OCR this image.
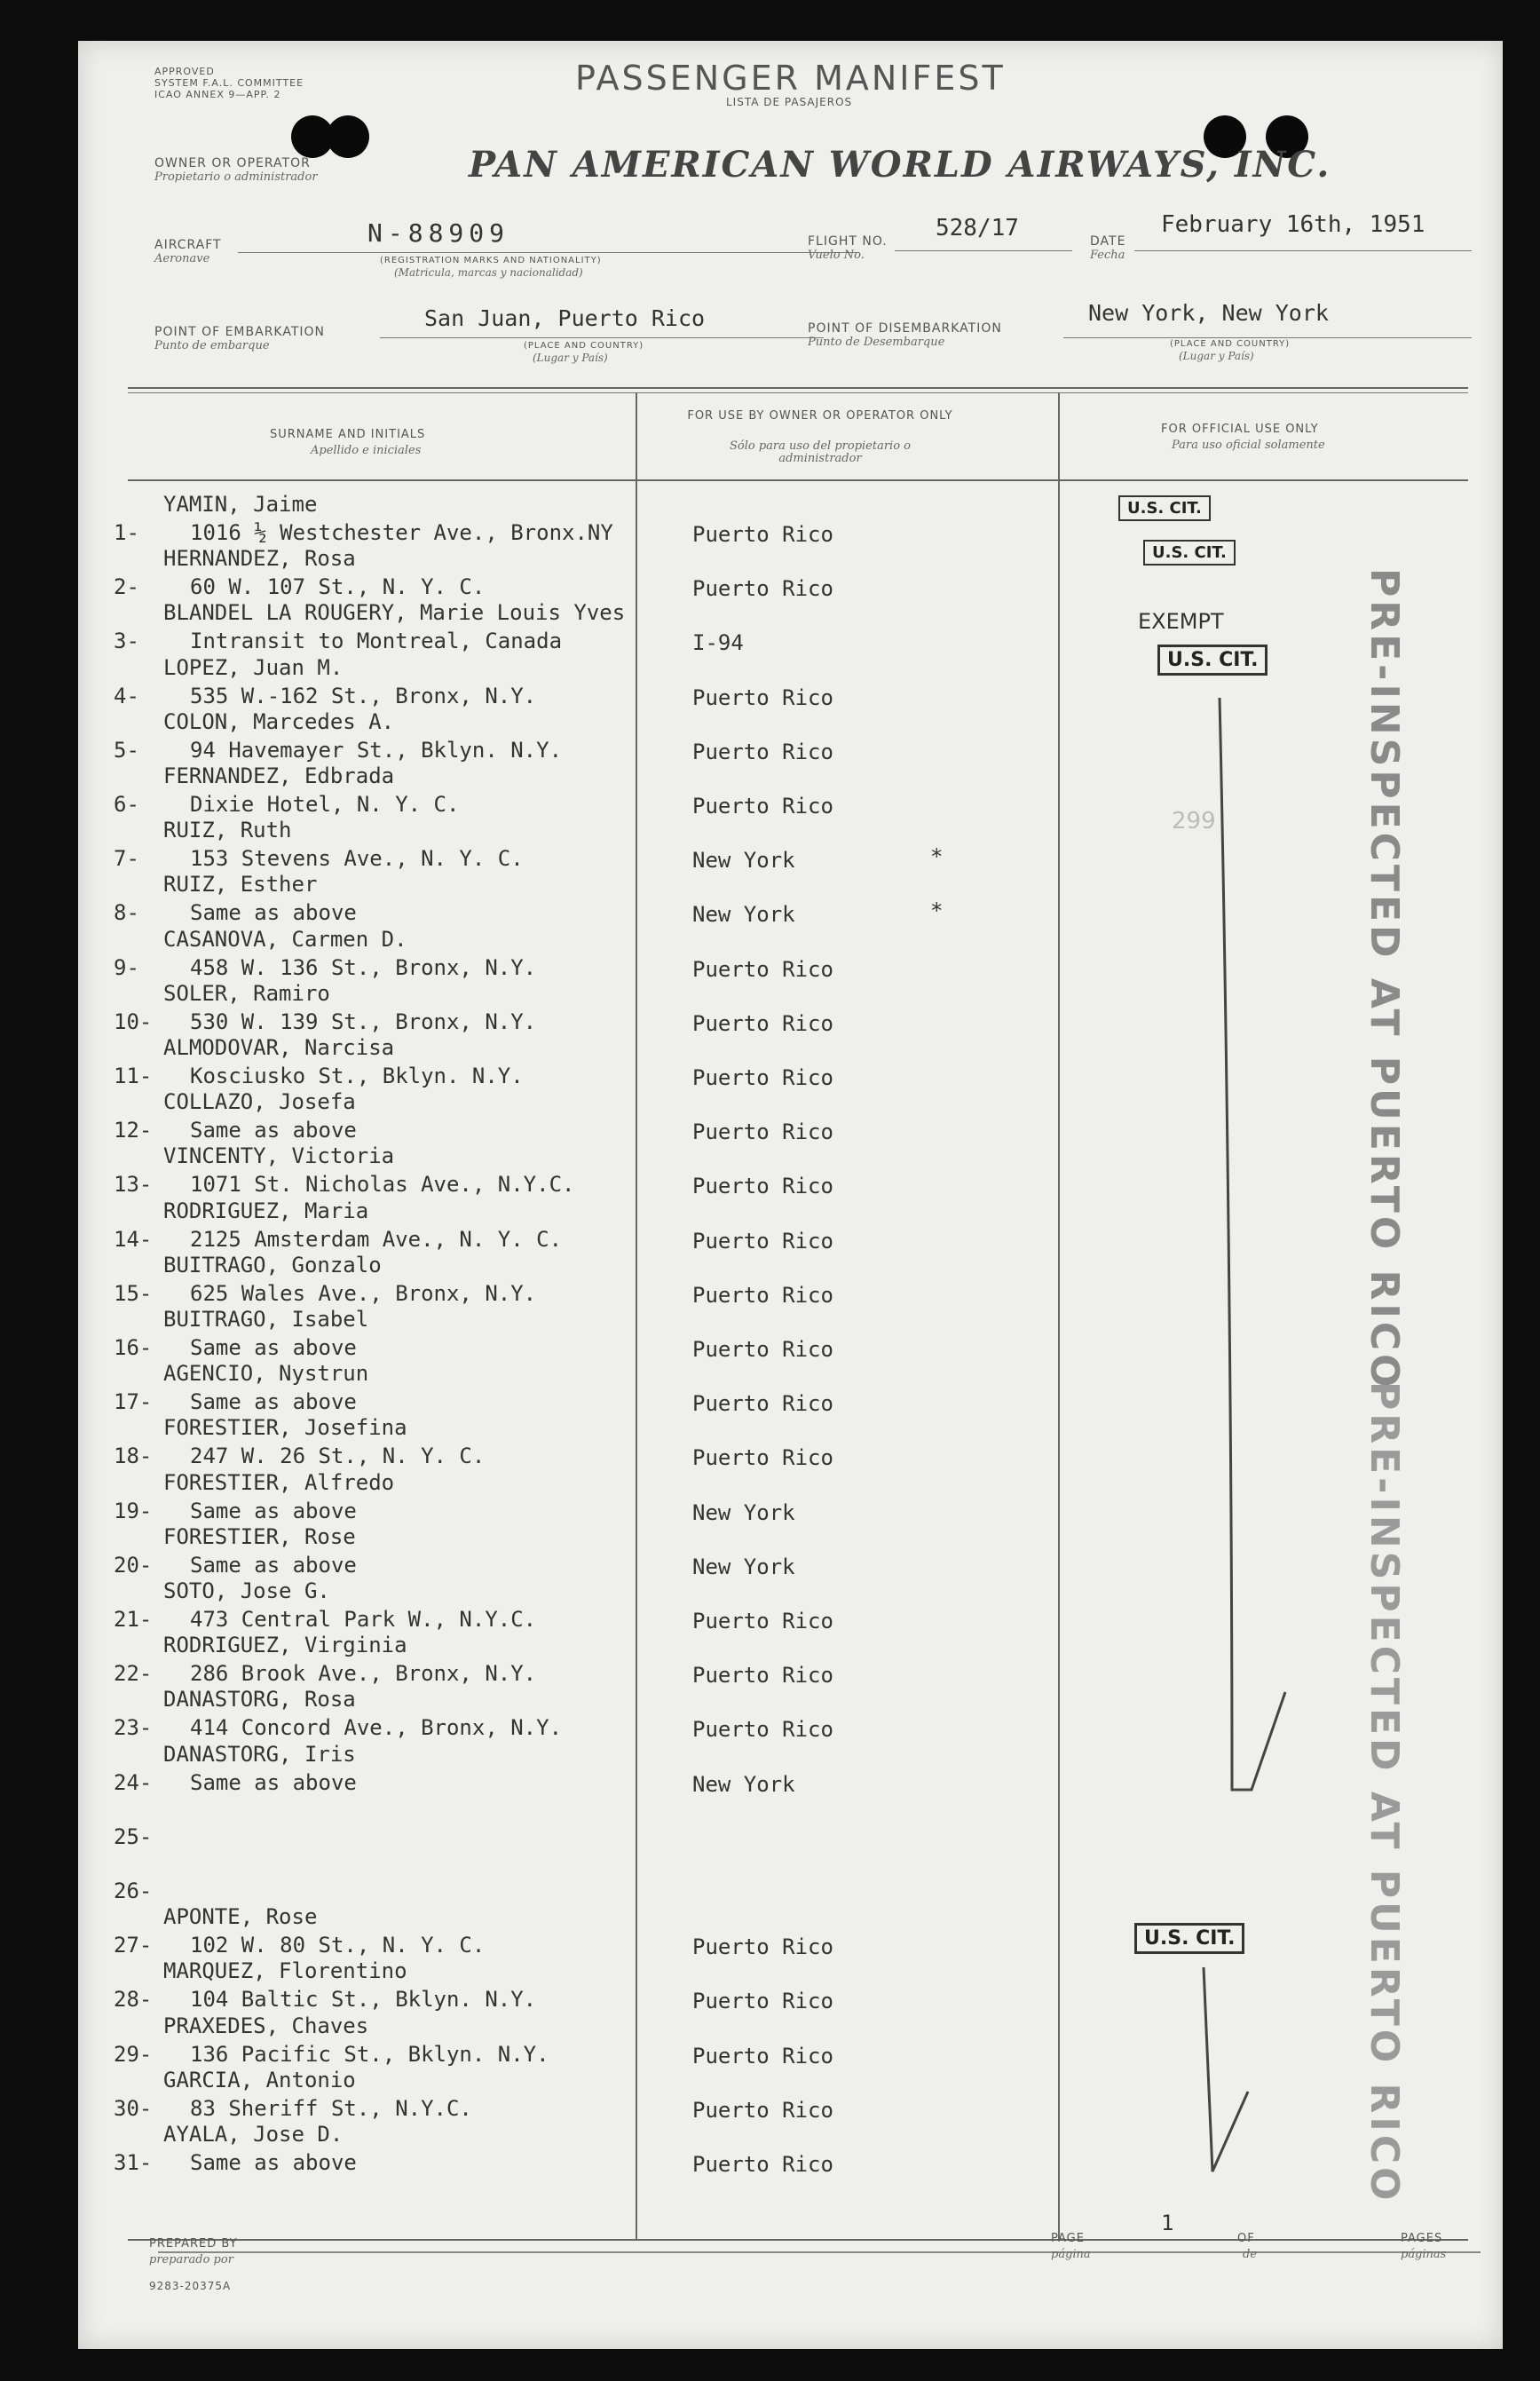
APPROVED
SYSTEM F.A.L. COMMITTEE
ICAO ANNEX 9—APP. 2	PASSENGER MANIFEST
LISTA DE PASAJEROS
OWNER OR OPERATOR
Propietario o administrador	PAN AMERICAN WORLD AIRWAYS, INC.
AIRCRAFT
Aeronave
N-88909
(REGISTRATION MARKS AND NATIONALITY)
(Matricula, marcas y nacionalidad)
FLIGHT NO.
Vuelo No.
528/17	DATE
Fecha
February 16th, 1951
POINT OF EMBARKATION
Punto de embarque
San Juan, Puerto Rico
(PLACE AND COUNTRY)
(Lugar y País)
POINT OF DISEMBARKATION
Punto de Desembarque
New York, New York
(PLACE AND COUNTRY)
(Lugar y País)
SURNAME AND INITIALS
Apellido e iniciales
FOR USE BY OWNER OR OPERATOR ONLY
Sólo para uso del propietario o administrador
FOR OFFICIAL USE ONLY
Para uso oficial solamente
1-
YAMIN, Jaime
1016 ½ Westchester Ave., Bronx.NY	Puerto Rico
2-
HERNANDEZ, Rosa
60 W. 107 St., N. Y. C.	Puerto Rico
3-
BLANDEL LA ROUGERY, Marie Louis Yves
Intransit to Montreal, Canada	I-94
4-
LOPEZ, Juan M.
535 W.-162 St., Bronx, N.Y.	Puerto Rico
5-
COLON, Marcedes A.
94 Havemayer St., Bklyn. N.Y.	Puerto Rico
6-
FERNANDEZ, Edbrada
Dixie Hotel, N. Y. C.	Puerto Rico
7-
RUIZ, Ruth
153 Stevens Ave., N. Y. C.	New York	*
8-
RUIZ, Esther
Same as above	New York	*
9-
CASANOVA, Carmen D.
458 W. 136 St., Bronx, N.Y.	Puerto Rico
10-
SOLER, Ramiro
530 W. 139 St., Bronx, N.Y.	Puerto Rico
11-
ALMODOVAR, Narcisa
Kosciusko St., Bklyn. N.Y.	Puerto Rico
12-
COLLAZO, Josefa
Same as above	Puerto Rico
13-
VINCENTY, Victoria
1071 St. Nicholas Ave., N.Y.C.	Puerto Rico
14-
RODRIGUEZ, Maria
2125 Amsterdam Ave., N. Y. C.	Puerto Rico
15-
BUITRAGO, Gonzalo
625 Wales Ave., Bronx, N.Y.	Puerto Rico
16-
BUITRAGO, Isabel
Same as above	Puerto Rico
17-
AGENCIO, Nystrun
Same as above	Puerto Rico
18-
FORESTIER, Josefina
247 W. 26 St., N. Y. C.	Puerto Rico
19-
FORESTIER, Alfredo
Same as above	New York
20-
FORESTIER, Rose
Same as above	New York
21-
SOTO, Jose G.
473 Central Park W., N.Y.C.	Puerto Rico
22-
RODRIGUEZ, Virginia
286 Brook Ave., Bronx, N.Y.	Puerto Rico
23-
DANASTORG, Rosa
414 Concord Ave., Bronx, N.Y.	Puerto Rico
24-
DANASTORG, Iris
Same as above	New York
25-
26-
27-
APONTE, Rose
102 W. 80 St., N. Y. C.	Puerto Rico
28-
MARQUEZ, Florentino
104 Baltic St., Bklyn. N.Y.	Puerto Rico
29-
PRAXEDES, Chaves
136 Pacific St., Bklyn. N.Y.	Puerto Rico
30-
GARCIA, Antonio
83 Sheriff St., N.Y.C.	Puerto Rico
31-
AYALA, Jose D.
Same as above	Puerto Rico
U.S. CIT.
U.S. CIT.
EXEMPT
U.S. CIT.
299
U.S. CIT.
PRE-INSPECTED AT PUERTO RICO
PRE-INSPECTED AT PUERTO RICO
PREPARED BY
preparado por
9283-20375A
PAGE
página
1
OF
de
PAGES
páginas
